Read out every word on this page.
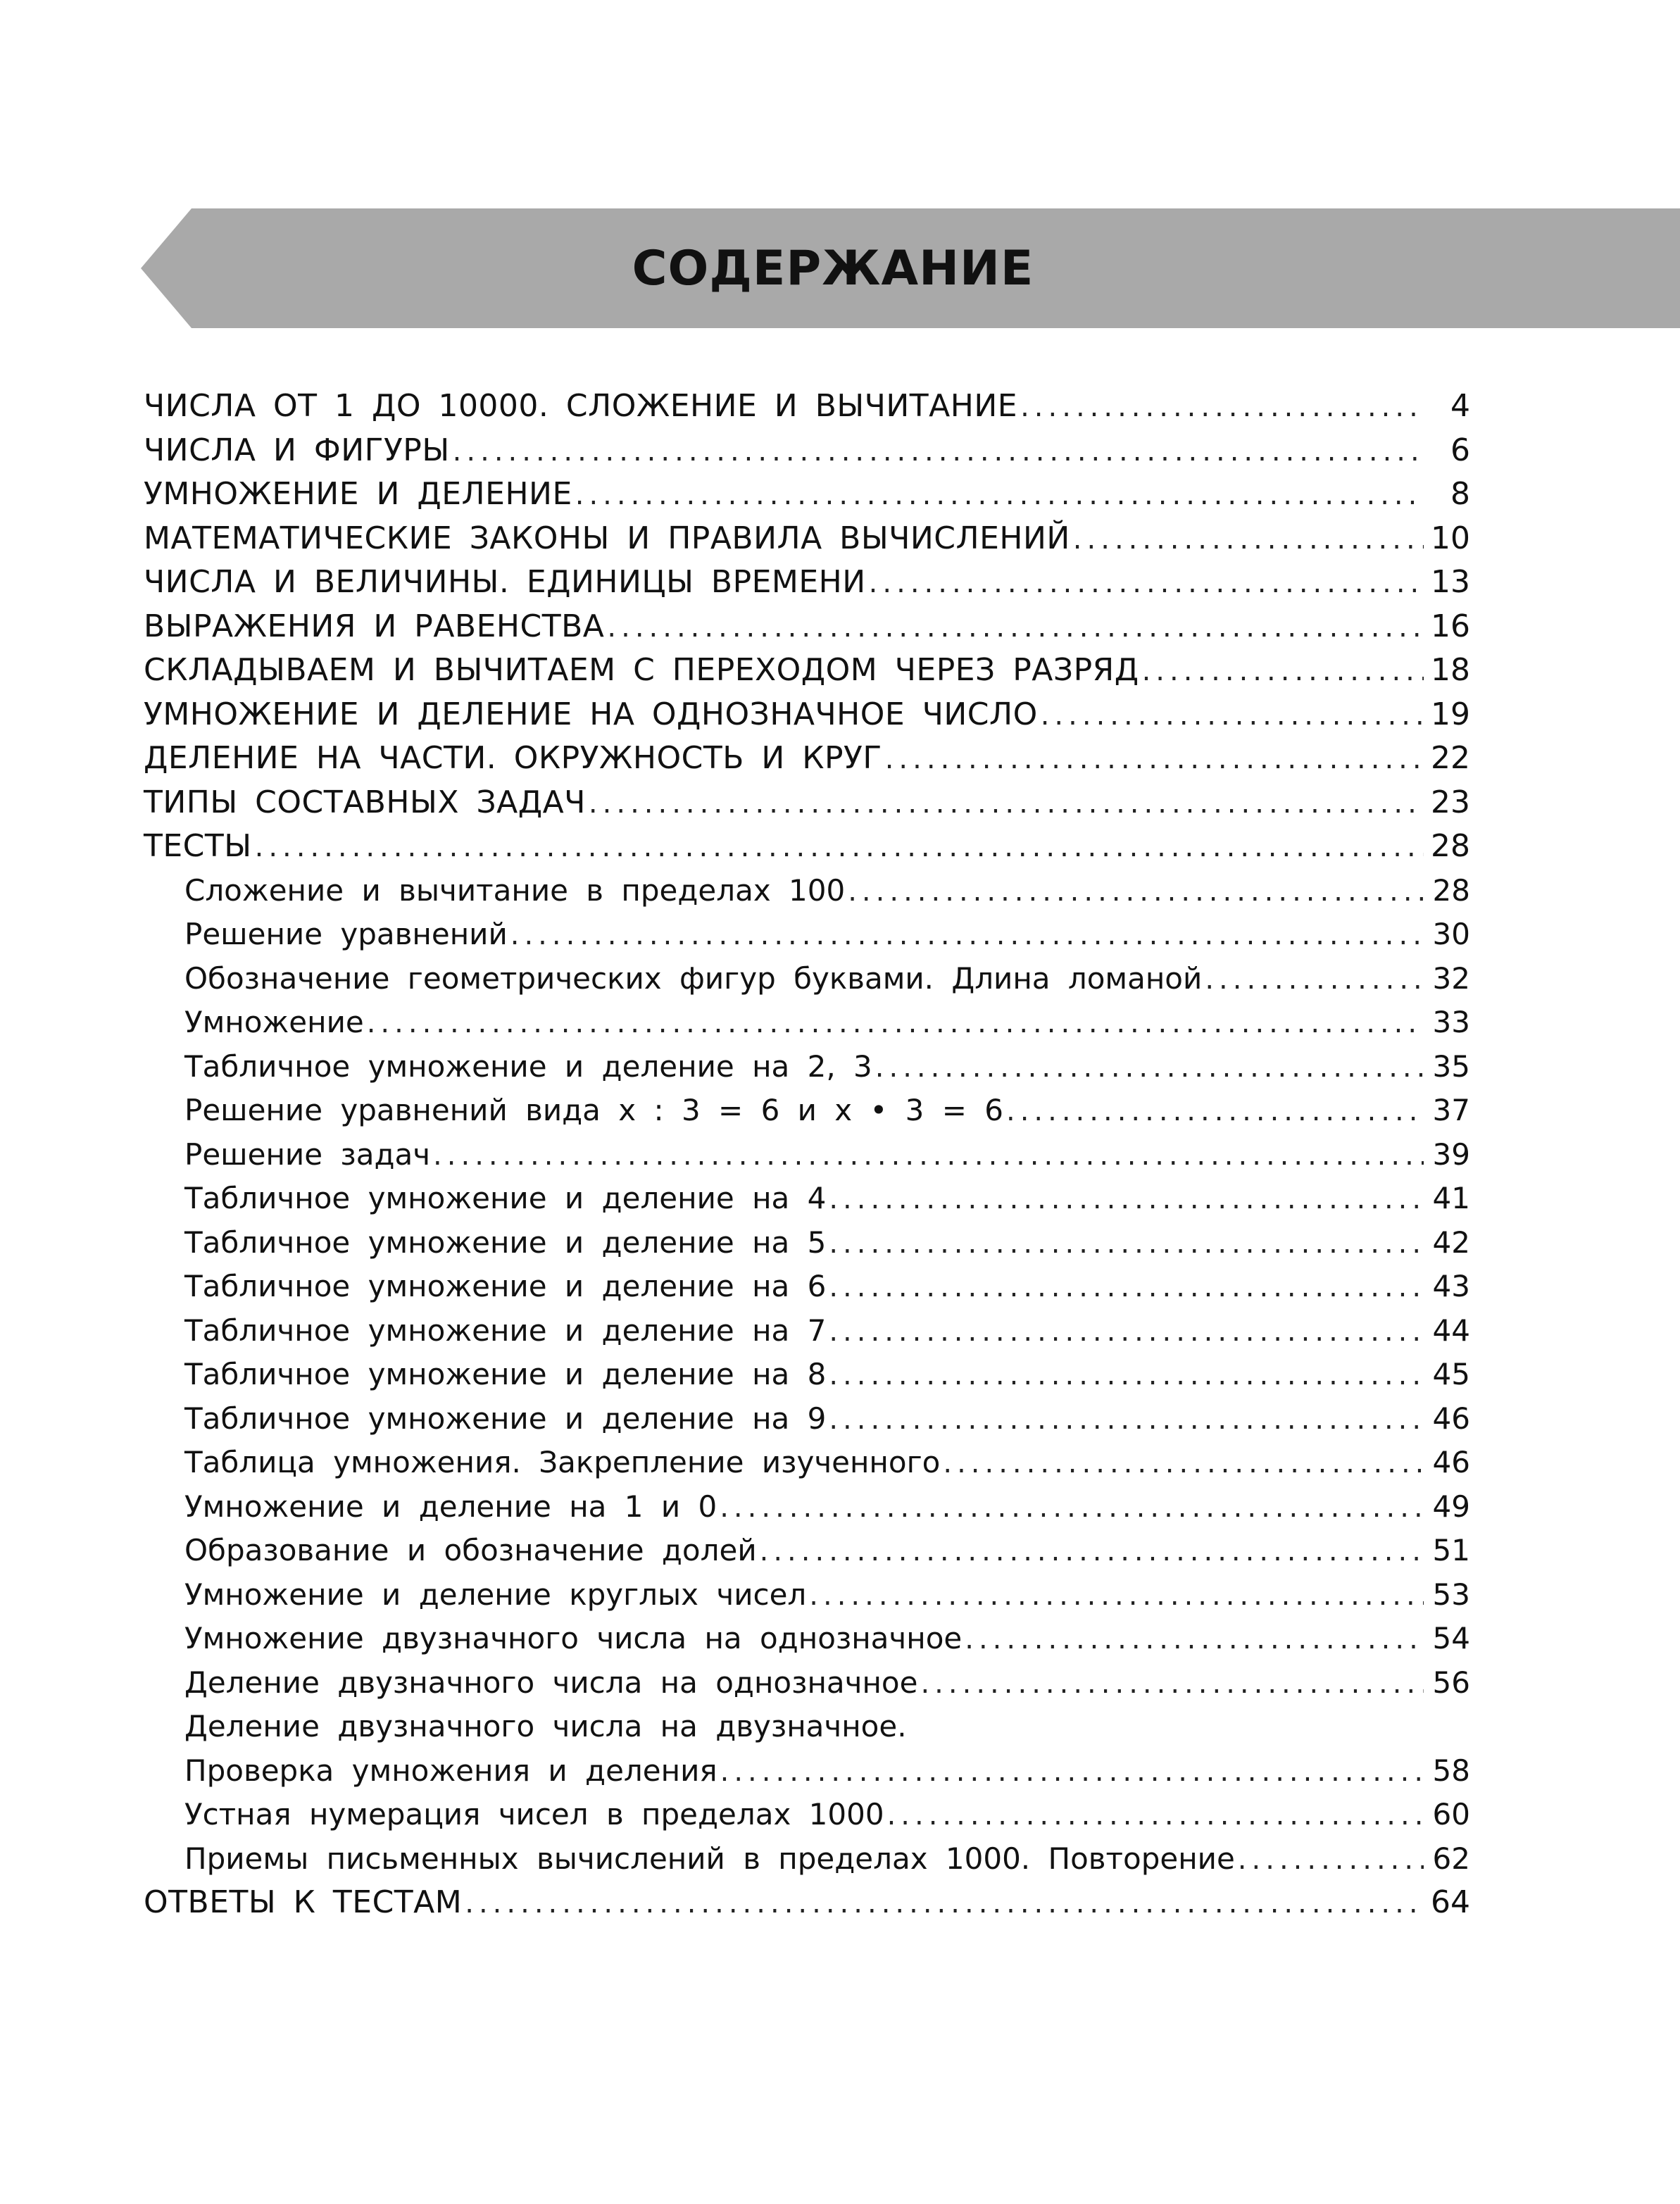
СОДЕРЖАНИЕ
ЧИСЛА ОТ 1 ДО 10000. СЛОЖЕНИЕ И ВЫЧИТАНИЕ .....	4
ЧИСЛА И ФИГУРЫ .....	6
УМНОЖЕНИЕ И ДЕЛЕНИЕ .....	8
МАТЕМАТИЧЕСКИЕ ЗАКОНЫ И ПРАВИЛА ВЫЧИСЛЕНИЙ .....	10
ЧИСЛА И ВЕЛИЧИНЫ. ЕДИНИЦЫ ВРЕМЕНИ .....	13
ВЫРАЖЕНИЯ И РАВЕНСТВА .....	16
СКЛАДЫВАЕМ И ВЫЧИТАЕМ С ПЕРЕХОДОМ ЧЕРЕЗ РАЗРЯД .....	18
УМНОЖЕНИЕ И ДЕЛЕНИЕ НА ОДНОЗНАЧНОЕ ЧИСЛО .....	19
ДЕЛЕНИЕ НА ЧАСТИ. ОКРУЖНОСТЬ И КРУГ .....	22
ТИПЫ СОСТАВНЫХ ЗАДАЧ .....	23
ТЕСТЫ .....	28
Сложение и вычитание в пределах 100 .....	28
Решение уравнений .....	30
Обозначение геометрических фигур буквами. Длина ломаной .....	32
Умножение .....	33
Табличное умножение и деление на 2, 3 .....	35
Решение уравнений вида х : 3 = 6 и х • 3 = 6 .....	37
Решение задач .....	39
Табличное умножение и деление на 4 .....	41
Табличное умножение и деление на 5 .....	42
Табличное умножение и деление на 6 .....	43
Табличное умножение и деление на 7 .....	44
Табличное умножение и деление на 8 .....	45
Табличное умножение и деление на 9 .....	46
Таблица умножения. Закрепление изученного .....	46
Умножение и деление на 1 и 0 .....	49
Образование и обозначение долей .....	51
Умножение и деление круглых чисел .....	53
Умножение двузначного числа на однозначное .....	54
Деление двузначного числа на однозначное .....	56
Деление двузначного числа на двузначное.
Проверка умножения и деления .....	58
Устная нумерация чисел в пределах 1000 .....	60
Приемы письменных вычислений в пределах 1000. Повторение .....	62
ОТВЕТЫ К ТЕСТАМ .....	64
